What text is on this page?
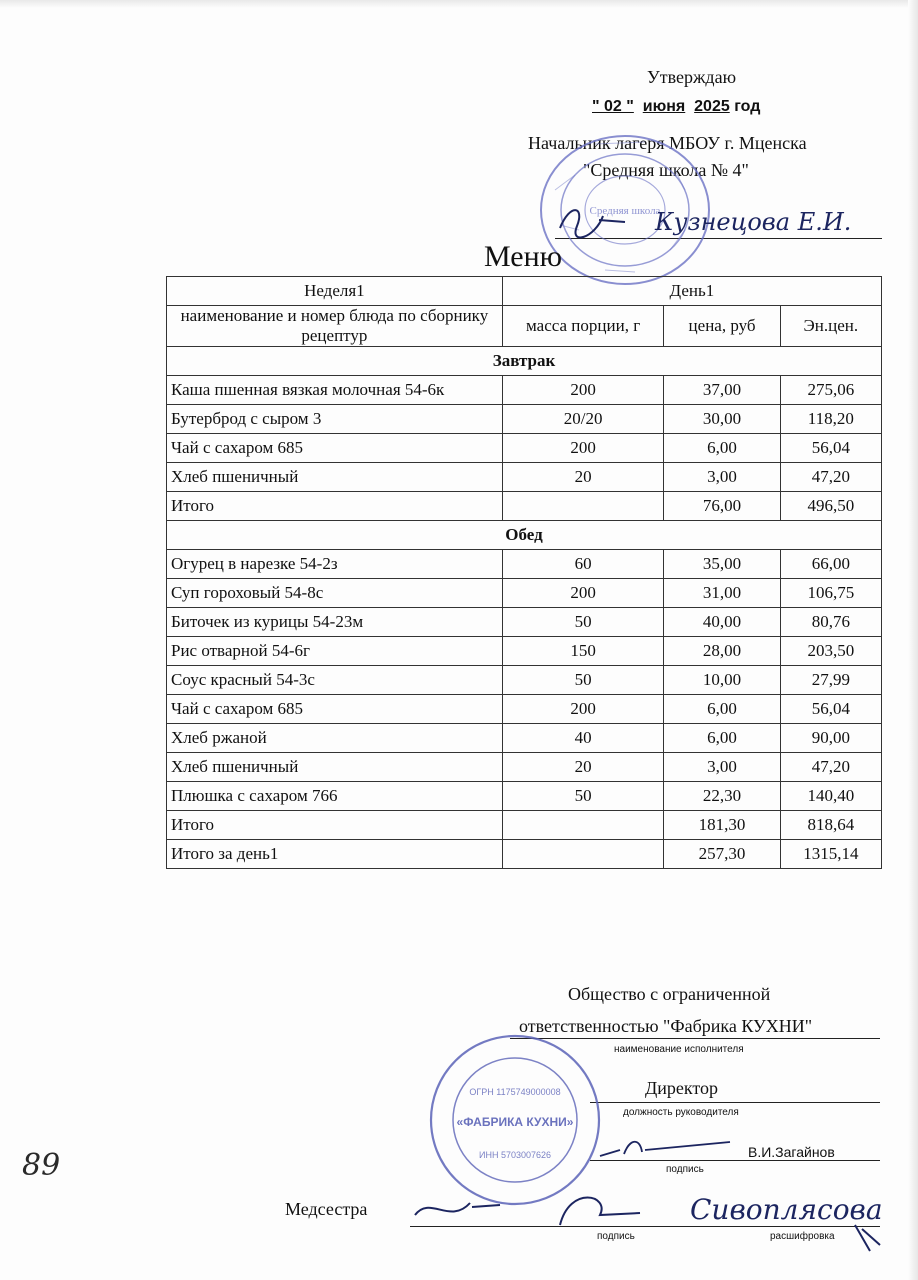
Утверждаю
" 02 " июня 2025 год
Начальник лагеря МБОУ г. Мценска
"Средняя школа № 4"
Средняя школа
Кузнецова Е.И.
Меню
Неделя1	День1		
наименование и номер блюда по сборнику рецептур	масса порции, г	цена, руб	Эн.цен.
Завтрак			
Каша пшенная вязкая молочная 54-6к	200	37,00	275,06
Бутерброд с сыром 3	20/20	30,00	118,20
Чай с сахаром 685	200	6,00	56,04
Хлеб пшеничный	20	3,00	47,20
Итого		76,00	496,50
Обед			
Огурец в нарезке 54-2з	60	35,00	66,00
Суп гороховый 54-8с	200	31,00	106,75
Биточек из курицы 54-23м	50	40,00	80,76
Рис отварной 54-6г	150	28,00	203,50
Соус красный 54-3с	50	10,00	27,99
Чай с сахаром 685	200	6,00	56,04
Хлеб ржаной	40	6,00	90,00
Хлеб пшеничный	20	3,00	47,20
Плюшка с сахаром 766	50	22,30	140,40
Итого		181,30	818,64
Итого за день1		257,30	1315,14
Общество с ограниченной
ответственностью "Фабрика КУХНИ"
наименование исполнителя
Директор
должность руководителя
В.И.Загайнов
подпись
ОГРН 1175749000008
«ФАБРИКА КУХНИ»
ИНН 5703007626
Медсестра
подпись	расшифровка
Сивоплясова
89
